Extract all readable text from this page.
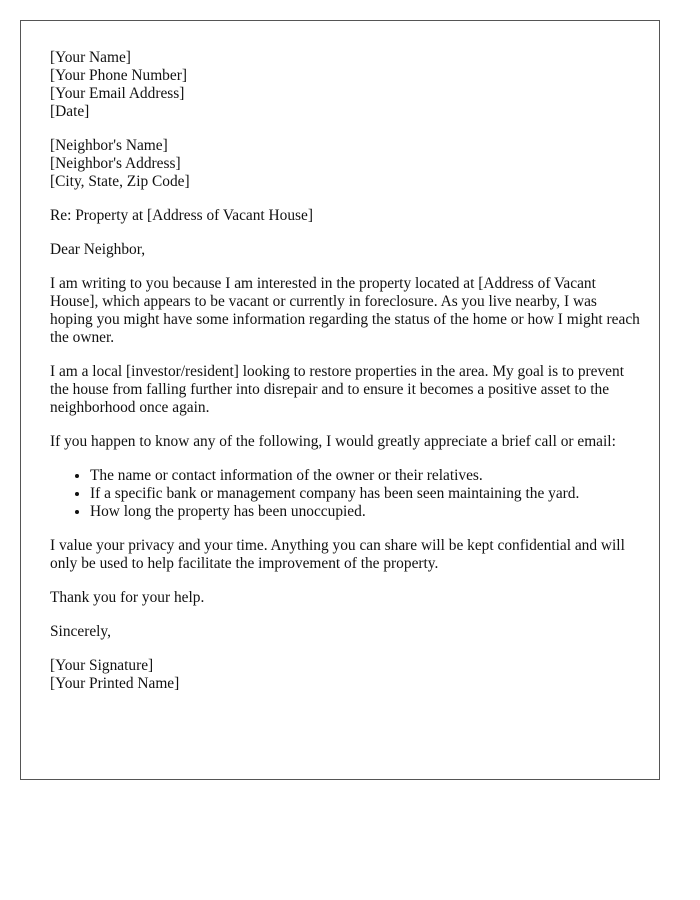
[Your Name]
[Your Phone Number]
[Your Email Address]
[Date]
[Neighbor's Name]
[Neighbor's Address]
[City, State, Zip Code]

Re: Property at [Address of Vacant House]

Dear Neighbor,

I am writing to you because I am interested in the property located at [Address of Vacant House], which appears to be vacant or currently in foreclosure. As you live nearby, I was hoping you might have some information regarding the status of the home or how I might reach the owner.

I am a local [investor/resident] looking to restore properties in the area. My goal is to prevent the house from falling further into disrepair and to ensure it becomes a positive asset to the neighborhood once again.

If you happen to know any of the following, I would greatly appreciate a brief call or email:

• The name or contact information of the owner or their relatives.
• If a specific bank or management company has been seen maintaining the yard.
• How long the property has been unoccupied.

I value your privacy and your time. Anything you can share will be kept confidential and will only be used to help facilitate the improvement of the property.

Thank you for your help.

Sincerely,

[Your Signature]
[Your Printed Name]
